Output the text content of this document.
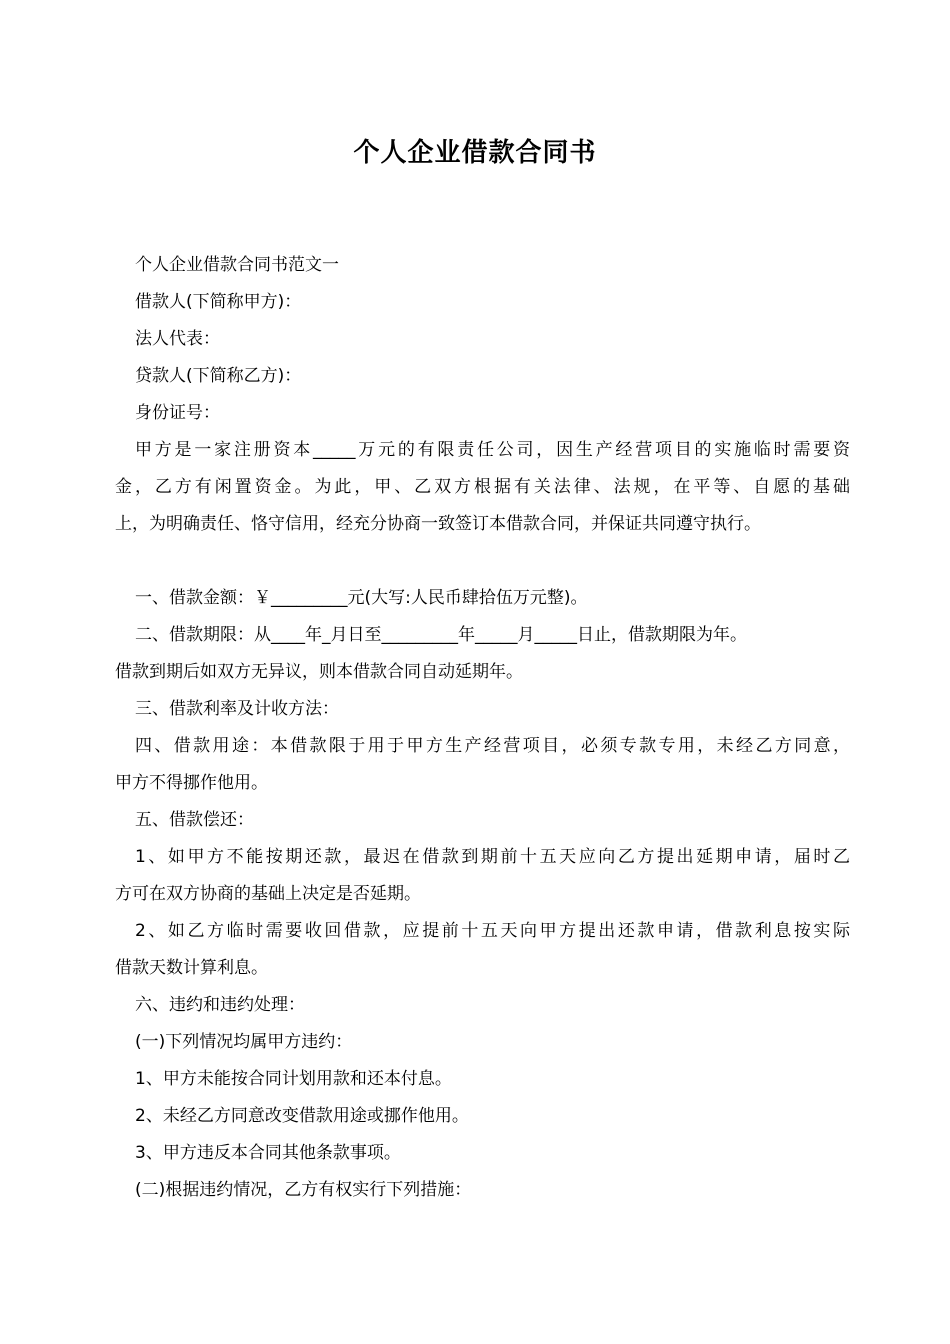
个人企业借款合同书

个人企业借款合同书范文一

借款人(下简称甲方)：

法人代表：

贷款人(下简称乙方)：

身份证号：

甲方是一家注册资本_____万元的有限责任公司，因生产经营项目的实施临时需要资

金，乙方有闲置资金。为此，甲、乙双方根据有关法律、法规，在平等、自愿的基础

上，为明确责任、恪守信用，经充分协商一致签订本借款合同，并保证共同遵守执行。

一、借款金额：￥_________元(大写:人民币肆拾伍万元整)。

二、借款期限：从____年_月日至_________年_____月_____日止，借款期限为年。

借款到期后如双方无异议，则本借款合同自动延期年。

三、借款利率及计收方法：

四、借款用途：本借款限于用于甲方生产经营项目，必须专款专用，未经乙方同意，

甲方不得挪作他用。

五、借款偿还：

1、如甲方不能按期还款，最迟在借款到期前十五天应向乙方提出延期申请，届时乙

方可在双方协商的基础上决定是否延期。

2、如乙方临时需要收回借款，应提前十五天向甲方提出还款申请，借款利息按实际

借款天数计算利息。

六、违约和违约处理：

(一)下列情况均属甲方违约：

1、甲方未能按合同计划用款和还本付息。

2、未经乙方同意改变借款用途或挪作他用。

3、甲方违反本合同其他条款事项。

(二)根据违约情况，乙方有权实行下列措施：
